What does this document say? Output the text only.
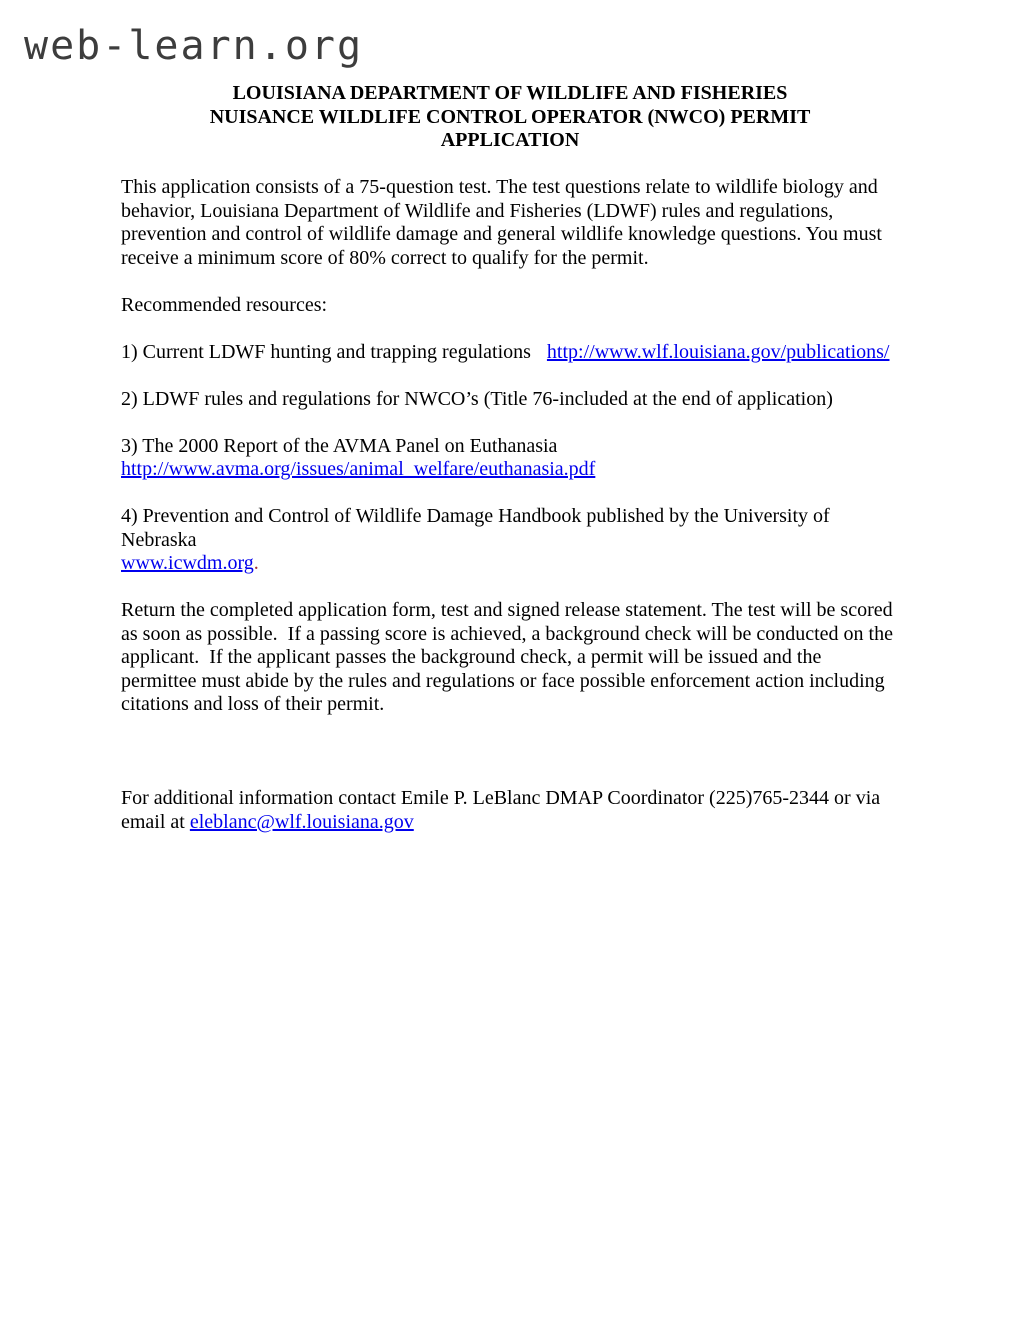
web-learn.org
LOUISIANA DEPARTMENT OF WILDLIFE AND FISHERIES
NUISANCE WILDLIFE CONTROL OPERATOR (NWCO) PERMIT
APPLICATION

This application consists of a 75-question test. The test questions relate to wildlife biology and behavior, Louisiana Department of Wildlife and Fisheries (LDWF) rules and regulations, prevention and control of wildlife damage and general wildlife knowledge questions. You must receive a minimum score of 80% correct to qualify for the permit.

Recommended resources:

1) Current LDWF hunting and trapping regulations http://www.wlf.louisiana.gov/publications/

2) LDWF rules and regulations for NWCO’s (Title 76-included at the end of application)

3) The 2000 Report of the AVMA Panel on Euthanasia
http://www.avma.org/issues/animal_welfare/euthanasia.pdf

4) Prevention and Control of Wildlife Damage Handbook published by the University of Nebraska
www.icwdm.org.

Return the completed application form, test and signed release statement. The test will be scored as soon as possible.  If a passing score is achieved, a background check will be conducted on the applicant.  If the applicant passes the background check, a permit will be issued and the permittee must abide by the rules and regulations or face possible enforcement action including citations and loss of their permit.

For additional information contact Emile P. LeBlanc DMAP Coordinator (225)765-2344 or via email at eleblanc@wlf.louisiana.gov
